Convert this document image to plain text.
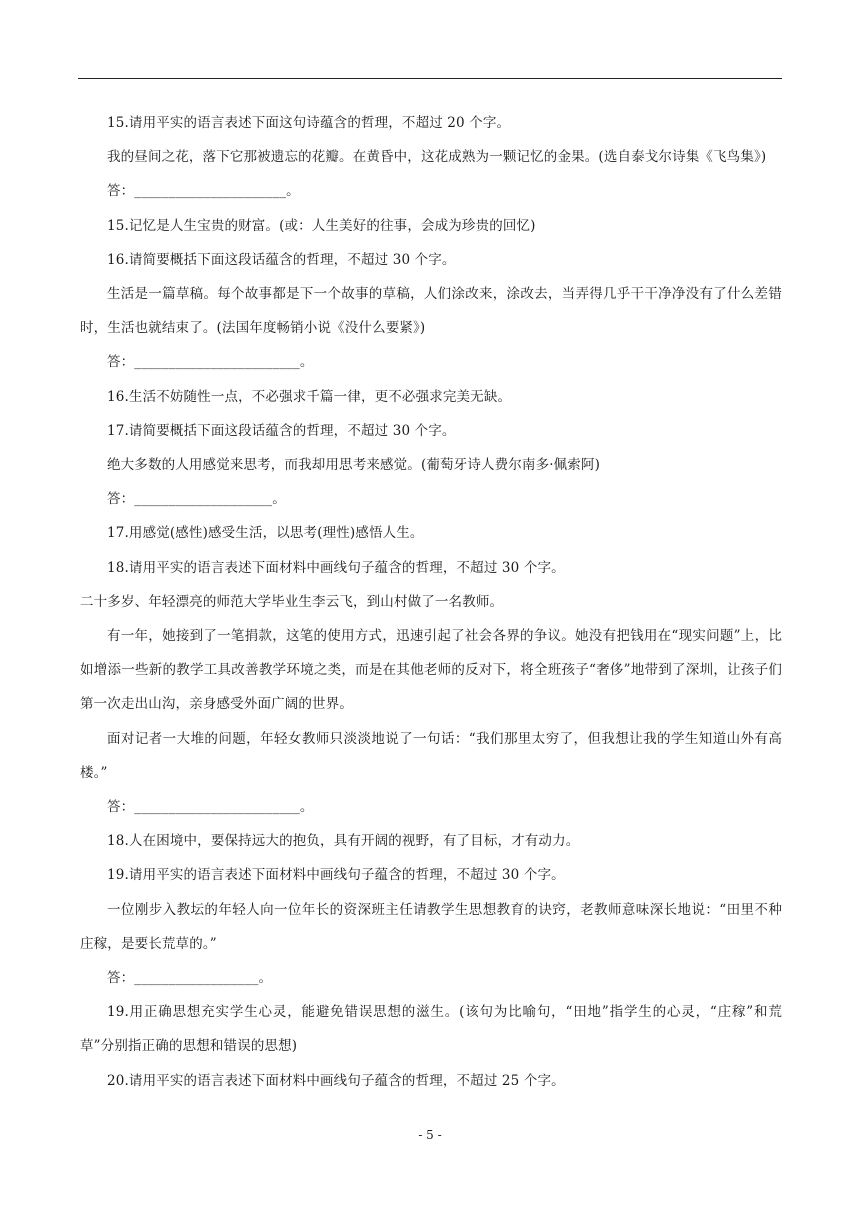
15.请用平实的语言表述下面这句诗蕴含的哲理，不超过 20 个字。

我的昼间之花，落下它那被遗忘的花瓣。在黄昏中，这花成熟为一颗记忆的金果。(选自泰戈尔诗集《飞鸟集》)

答：______________________。

15.记忆是人生宝贵的财富。(或：人生美好的往事，会成为珍贵的回忆)

16.请简要概括下面这段话蕴含的哲理，不超过 30 个字。

生活是一篇草稿。每个故事都是下一个故事的草稿，人们涂改来，涂改去，当弄得几乎干干净净没有了什么差错时，生活也就结束了。(法国年度畅销小说《没什么要紧》)

答：________________________。

16.生活不妨随性一点，不必强求千篇一律，更不必强求完美无缺。

17.请简要概括下面这段话蕴含的哲理，不超过 30 个字。

绝大多数的人用感觉来思考，而我却用思考来感觉。(葡萄牙诗人费尔南多·佩索阿)

答：____________________。

17.用感觉(感性)感受生活，以思考(理性)感悟人生。

18.请用平实的语言表述下面材料中画线句子蕴含的哲理，不超过 30 个字。

二十多岁、年轻漂亮的师范大学毕业生李云飞，到山村做了一名教师。

有一年，她接到了一笔捐款，这笔的使用方式，迅速引起了社会各界的争议。她没有把钱用在“现实问题”上，比如增添一些新的教学工具改善教学环境之类，而是在其他老师的反对下，将全班孩子“奢侈”地带到了深圳，让孩子们第一次走出山沟，亲身感受外面广阔的世界。

面对记者一大堆的问题，年轻女教师只淡淡地说了一句话：“我们那里太穷了，但我想让我的学生知道山外有高楼。”

答：________________________。

18.人在困境中，要保持远大的抱负，具有开阔的视野，有了目标，才有动力。

19.请用平实的语言表述下面材料中画线句子蕴含的哲理，不超过 30 个字。

一位刚步入教坛的年轻人向一位年长的资深班主任请教学生思想教育的诀窍，老教师意味深长地说：“田里不种庄稼，是要长荒草的。”

答：__________________。

19.用正确思想充实学生心灵，能避免错误思想的滋生。(该句为比喻句，“田地”指学生的心灵，“庄稼”和荒草”分别指正确的思想和错误的思想)

20.请用平实的语言表述下面材料中画线句子蕴含的哲理，不超过 25 个字。

- 5 -
